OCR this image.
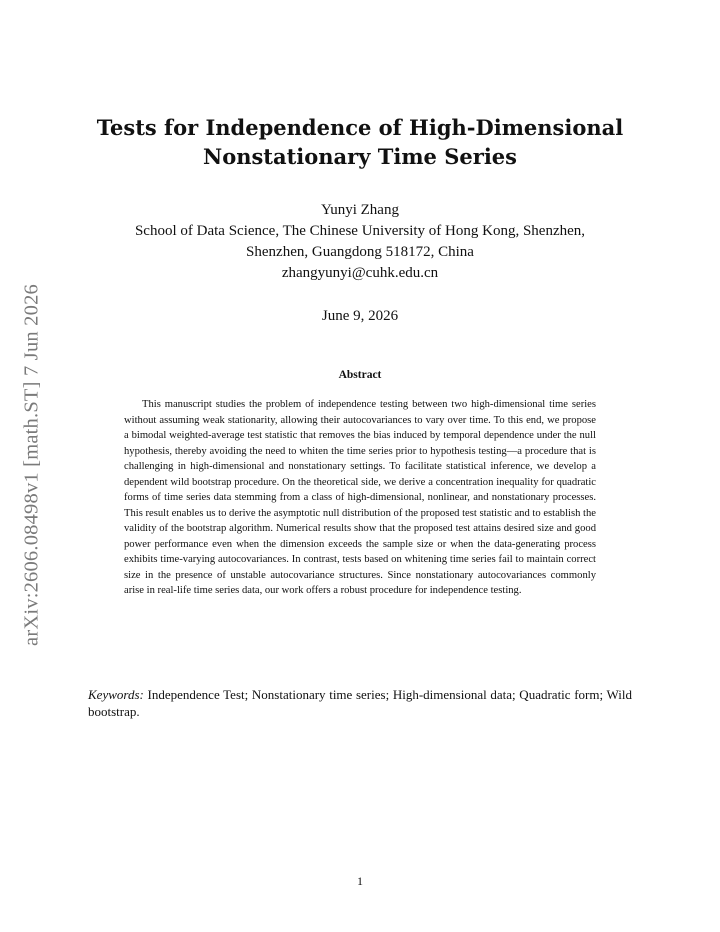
arXiv:2606.08498v1 [math.ST] 7 Jun 2026
Tests for Independence of High-Dimensional
Nonstationary Time Series
Yunyi Zhang
School of Data Science, The Chinese University of Hong Kong, Shenzhen,
Shenzhen, Guangdong 518172, China
zhangyunyi@cuhk.edu.cn
June 9, 2026
Abstract

This manuscript studies the problem of independence testing between two high-dimensional time series without assuming weak stationarity, allowing their autocovariances to vary over time. To this end, we propose a bimodal weighted-average test statistic that removes the bias induced by temporal dependence under the null hypothesis, thereby avoiding the need to whiten the time series prior to hypothesis testing—a procedure that is challenging in high-dimensional and nonstationary settings. To facilitate statistical inference, we develop a dependent wild bootstrap procedure. On the theoretical side, we derive a concentration inequality for quadratic forms of time series data stemming from a class of high-dimensional, nonlinear, and nonstationary processes. This result enables us to derive the asymptotic null distribution of the proposed test statistic and to establish the validity of the bootstrap algorithm. Numerical results show that the proposed test attains desired size and good power performance even when the dimension exceeds the sample size or when the data-generating process exhibits time-varying autocovariances. In contrast, tests based on whitening time series fail to maintain correct size in the presence of unstable autocovariance structures. Since nonstationary autocovariances commonly arise in real-life time series data, our work offers a robust procedure for independence testing.

Keywords: Independence Test; Nonstationary time series; High-dimensional data; Quadratic form; Wild bootstrap.

1
